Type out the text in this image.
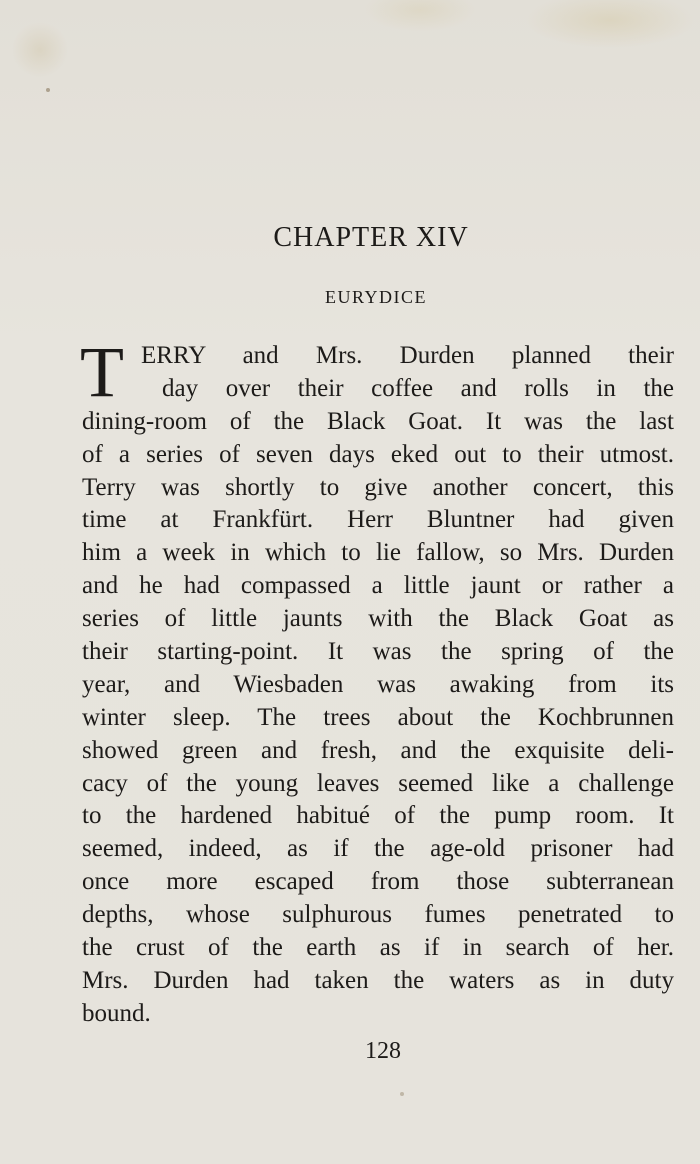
CHAPTER XIV
EURYDICE
T ERRY and Mrs. Durden planned their
day over their coffee and rolls in the
dining-room of the Black Goat. It was the last
of a series of seven days eked out to their utmost.
Terry was shortly to give another concert, this
time at Frankfürt. Herr Bluntner had given
him a week in which to lie fallow, so Mrs. Durden
and he had compassed a little jaunt or rather a
series of little jaunts with the Black Goat as
their starting-point. It was the spring of the
year, and Wiesbaden was awaking from its
winter sleep. The trees about the Kochbrunnen
showed green and fresh, and the exquisite deli-
cacy of the young leaves seemed like a challenge
to the hardened habitué of the pump room. It
seemed, indeed, as if the age-old prisoner had
once more escaped from those subterranean
depths, whose sulphurous fumes penetrated to
the crust of the earth as if in search of her.
Mrs. Durden had taken the waters as in duty
bound.
128
